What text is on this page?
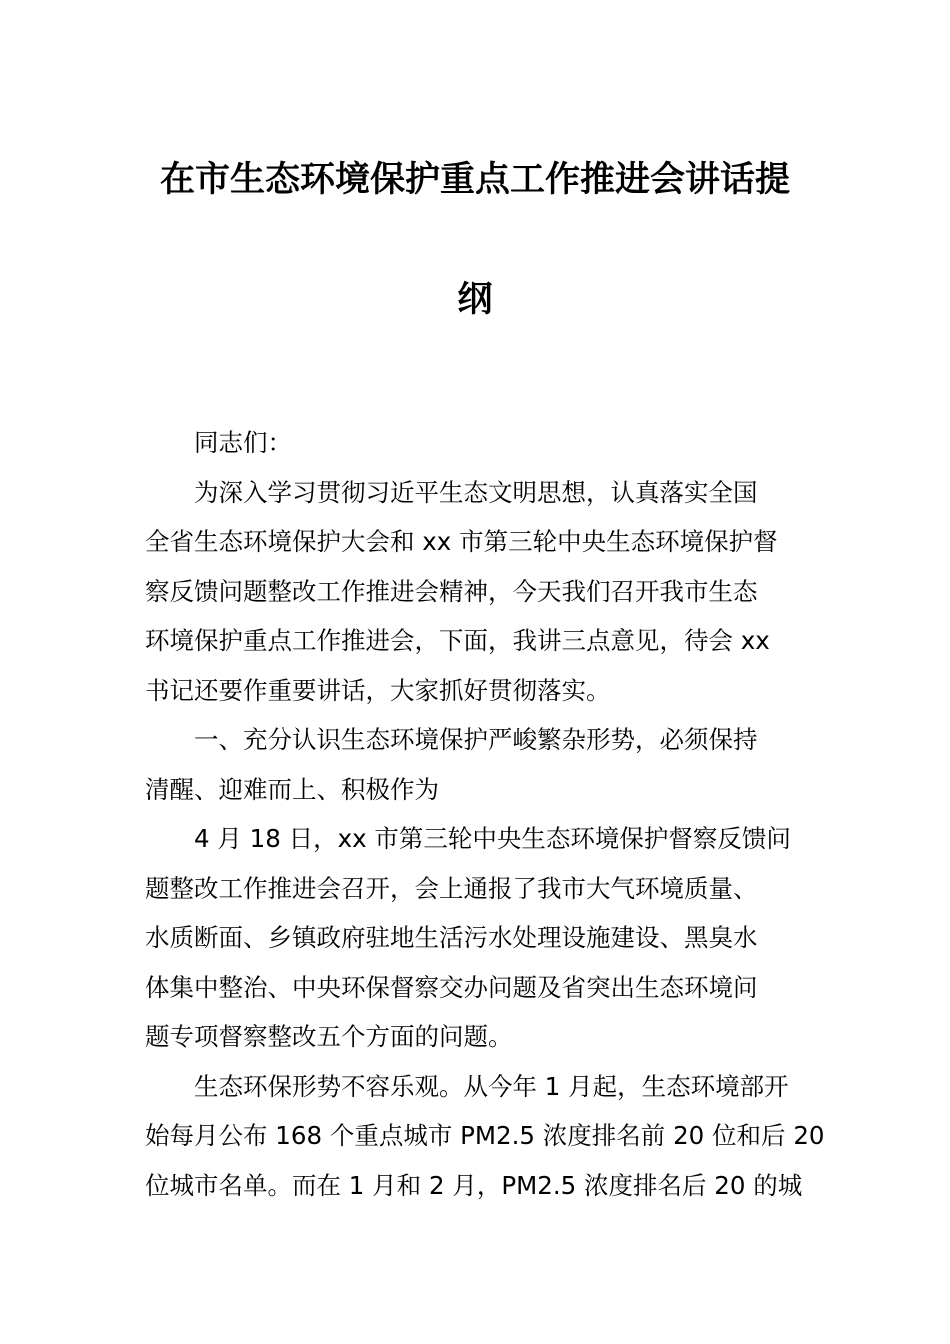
在市生态环境保护重点工作推进会讲话提
纲

同志们：

为深入学习贯彻习近平生态文明思想，认真落实全国
全省生态环境保护大会和 xx 市第三轮中央生态环境保护督
察反馈问题整改工作推进会精神，今天我们召开我市生态
环境保护重点工作推进会，下面，我讲三点意见，待会 xx
书记还要作重要讲话，大家抓好贯彻落实。

一、充分认识生态环境保护严峻繁杂形势，必须保持
清醒、迎难而上、积极作为

4 月 18 日，xx 市第三轮中央生态环境保护督察反馈问
题整改工作推进会召开，会上通报了我市大气环境质量、
水质断面、乡镇政府驻地生活污水处理设施建设、黑臭水
体集中整治、中央环保督察交办问题及省突出生态环境问
题专项督察整改五个方面的问题。

生态环保形势不容乐观。从今年 1 月起，生态环境部开
始每月公布 168 个重点城市 PM2.5 浓度排名前 20 位和后 20
位城市名单。而在 1 月和 2 月，PM2.5 浓度排名后 20 的城
